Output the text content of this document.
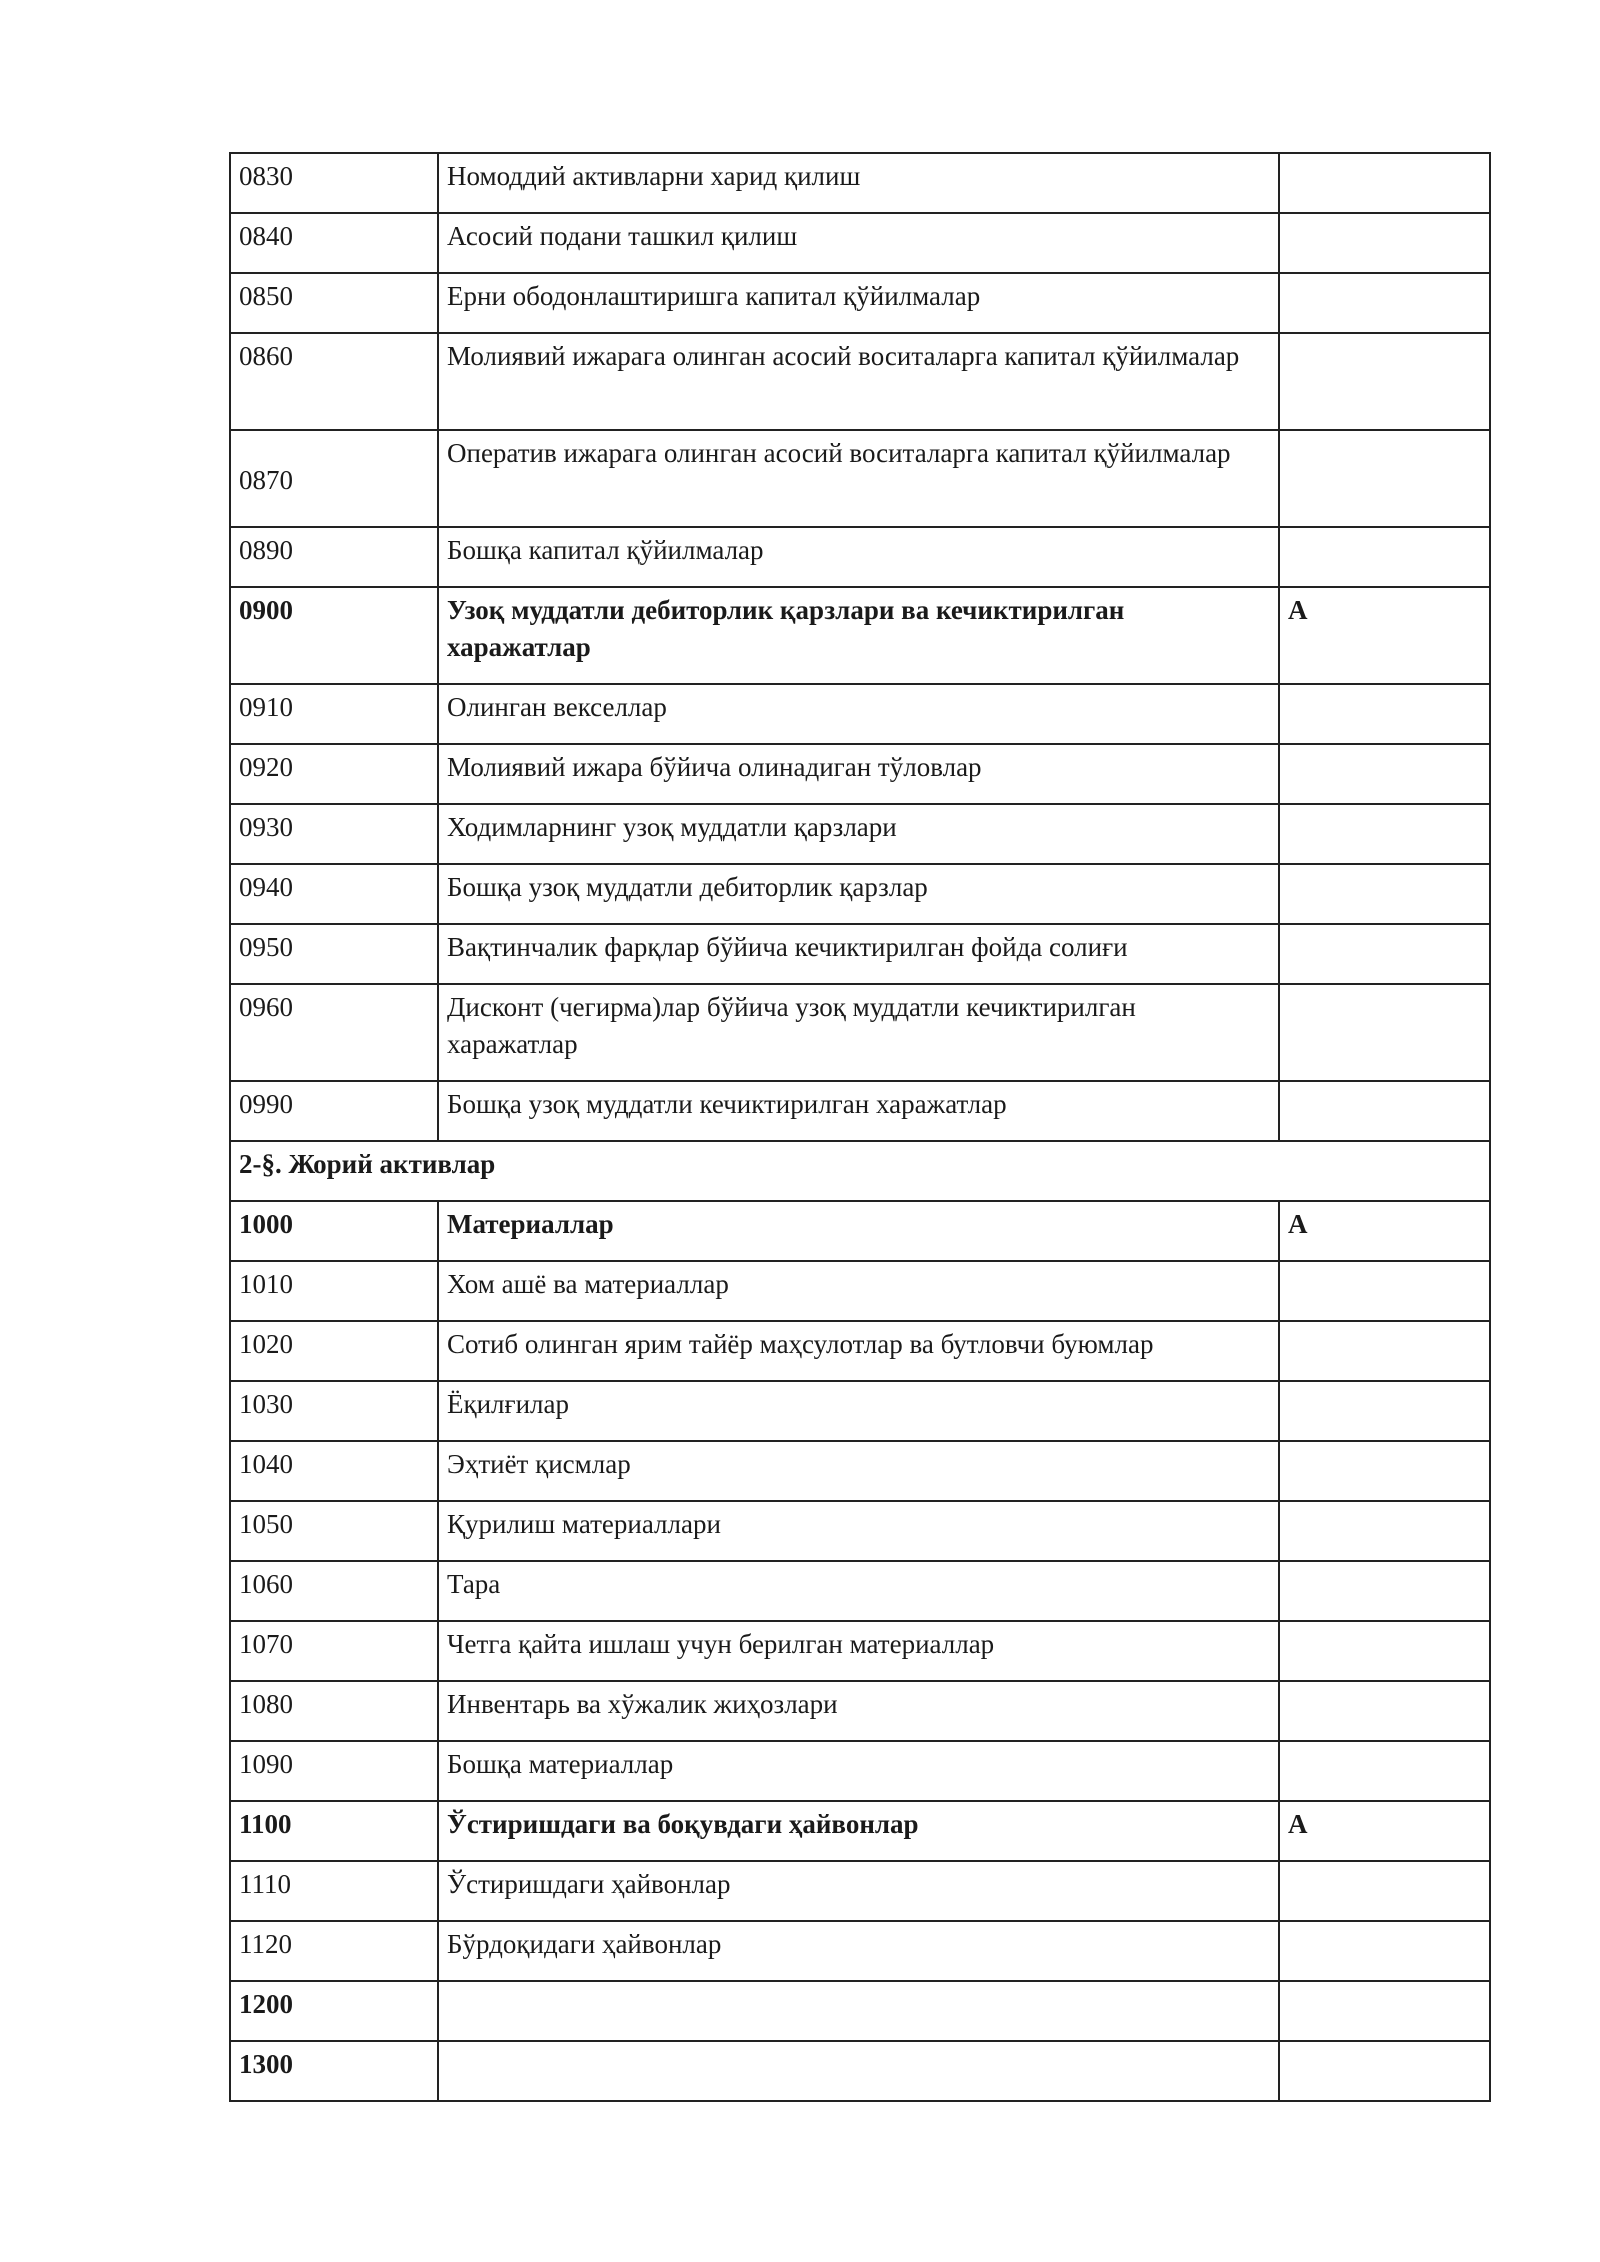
0830	Номоддий активларни харид қилиш	
0840	Асосий подани ташкил қилиш	
0850	Ерни ободонлаштиришга капитал қўйилмалар	
0860	Молиявий ижарага олинган асосий воситаларга капитал қўйилмалар	
0870	Оператив ижарага олинган асосий воситаларга капитал қўйилмалар	
0890	Бошқа капитал қўйилмалар	
0900	Узоқ муддатли дебиторлик қарзлари ва кечиктирилган харажатлар	А
0910	Олинган векселлар	
0920	Молиявий ижара бўйича олинадиган тўловлар	
0930	Ходимларнинг узоқ муддатли қарзлари	
0940	Бошқа узоқ муддатли дебиторлик қарзлар	
0950	Вақтинчалик фарқлар бўйича кечиктирилган фойда солиғи	
0960	Дисконт (чегирма)лар бўйича узоқ муддатли кечиктирилган харажатлар	
0990	Бошқа узоқ муддатли кечиктирилган харажатлар	
2-§. Жорий активлар		
1000	Материаллар	А
1010	Хом ашё ва материаллар	
1020	Сотиб олинган ярим тайёр маҳсулотлар ва бутловчи буюмлар	
1030	Ёқилғилар	
1040	Эҳтиёт қисмлар	
1050	Қурилиш материаллари	
1060	Тара	
1070	Четга қайта ишлаш учун берилган материаллар	
1080	Инвентарь ва хўжалик жиҳозлари	
1090	Бошқа материаллар	
1100	Ўстиришдаги ва боқувдаги ҳайвонлар	А
1110	Ўстиришдаги ҳайвонлар	
1120	Бўрдоқидаги ҳайвонлар	
1200		
1300		
